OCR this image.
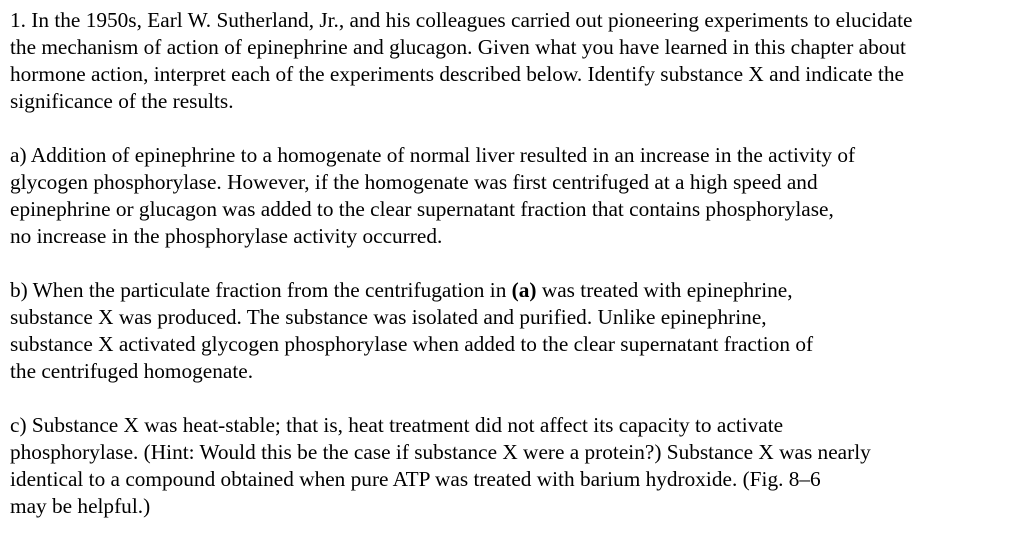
1. In the 1950s, Earl W. Sutherland, Jr., and his colleagues carried out pioneering experiments to elucidate
the mechanism of action of epinephrine and glucagon. Given what you have learned in this chapter about
hormone action, interpret each of the experiments described below. Identify substance X and indicate the
significance of the results.
a) Addition of epinephrine to a homogenate of normal liver resulted in an increase in the activity of
glycogen phosphorylase. However, if the homogenate was first centrifuged at a high speed and
epinephrine or glucagon was added to the clear supernatant fraction that contains phosphorylase,
no increase in the phosphorylase activity occurred.
b) When the particulate fraction from the centrifugation in (a) was treated with epinephrine,
substance X was produced. The substance was isolated and purified. Unlike epinephrine,
substance X activated glycogen phosphorylase when added to the clear supernatant fraction of
the centrifuged homogenate.
c) Substance X was heat-stable; that is, heat treatment did not affect its capacity to activate
phosphorylase. (Hint: Would this be the case if substance X were a protein?) Substance X was nearly
identical to a compound obtained when pure ATP was treated with barium hydroxide. (Fig. 8–6
may be helpful.)
